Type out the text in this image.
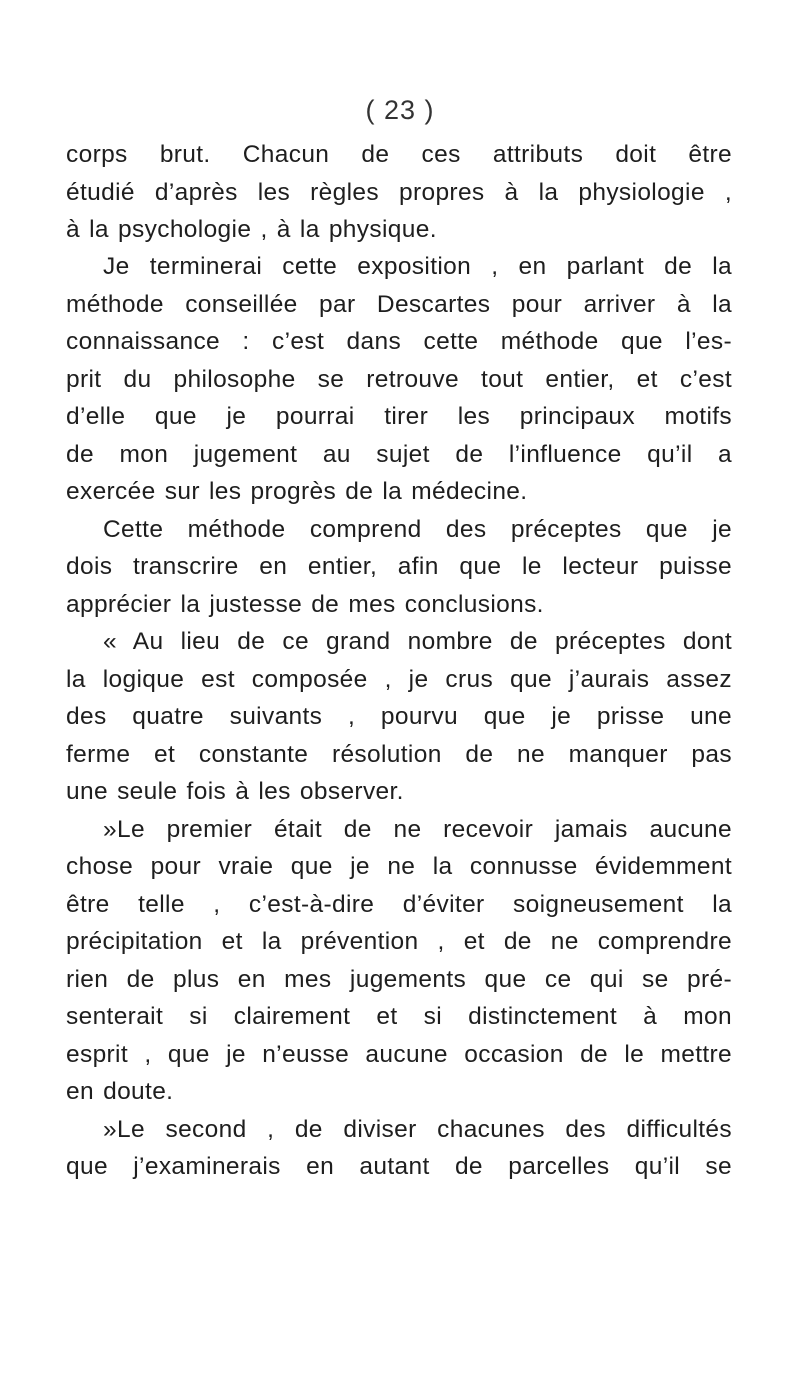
( 23 )
corps brut. Chacun de ces attributs doit être
étudié d’après les règles propres à la physiologie ,
à la psychologie , à la physique.
Je terminerai cette exposition , en parlant de la
méthode conseillée par Descartes pour arriver à la
connaissance : c’est dans cette méthode que l’es-
prit du philosophe se retrouve tout entier, et c’est
d’elle que je pourrai tirer les principaux motifs
de mon jugement au sujet de l’influence qu’il a
exercée sur les progrès de la médecine.
Cette méthode comprend des préceptes que je
dois transcrire en entier, afin que le lecteur puisse
apprécier la justesse de mes conclusions.
« Au lieu de ce grand nombre de préceptes dont
la logique est composée , je crus que j’aurais assez
des quatre suivants , pourvu que je prisse une
ferme et constante résolution de ne manquer pas
une seule fois à les observer.
»Le premier était de ne recevoir jamais aucune
chose pour vraie que je ne la connusse évidemment
être telle , c’est-à-dire d’éviter soigneusement la
précipitation et la prévention , et de ne comprendre
rien de plus en mes jugements que ce qui se pré-
senterait si clairement et si distinctement à mon
esprit , que je n’eusse aucune occasion de le mettre
en doute.
»Le second , de diviser chacunes des difficultés
que j’examinerais en autant de parcelles qu’il se
